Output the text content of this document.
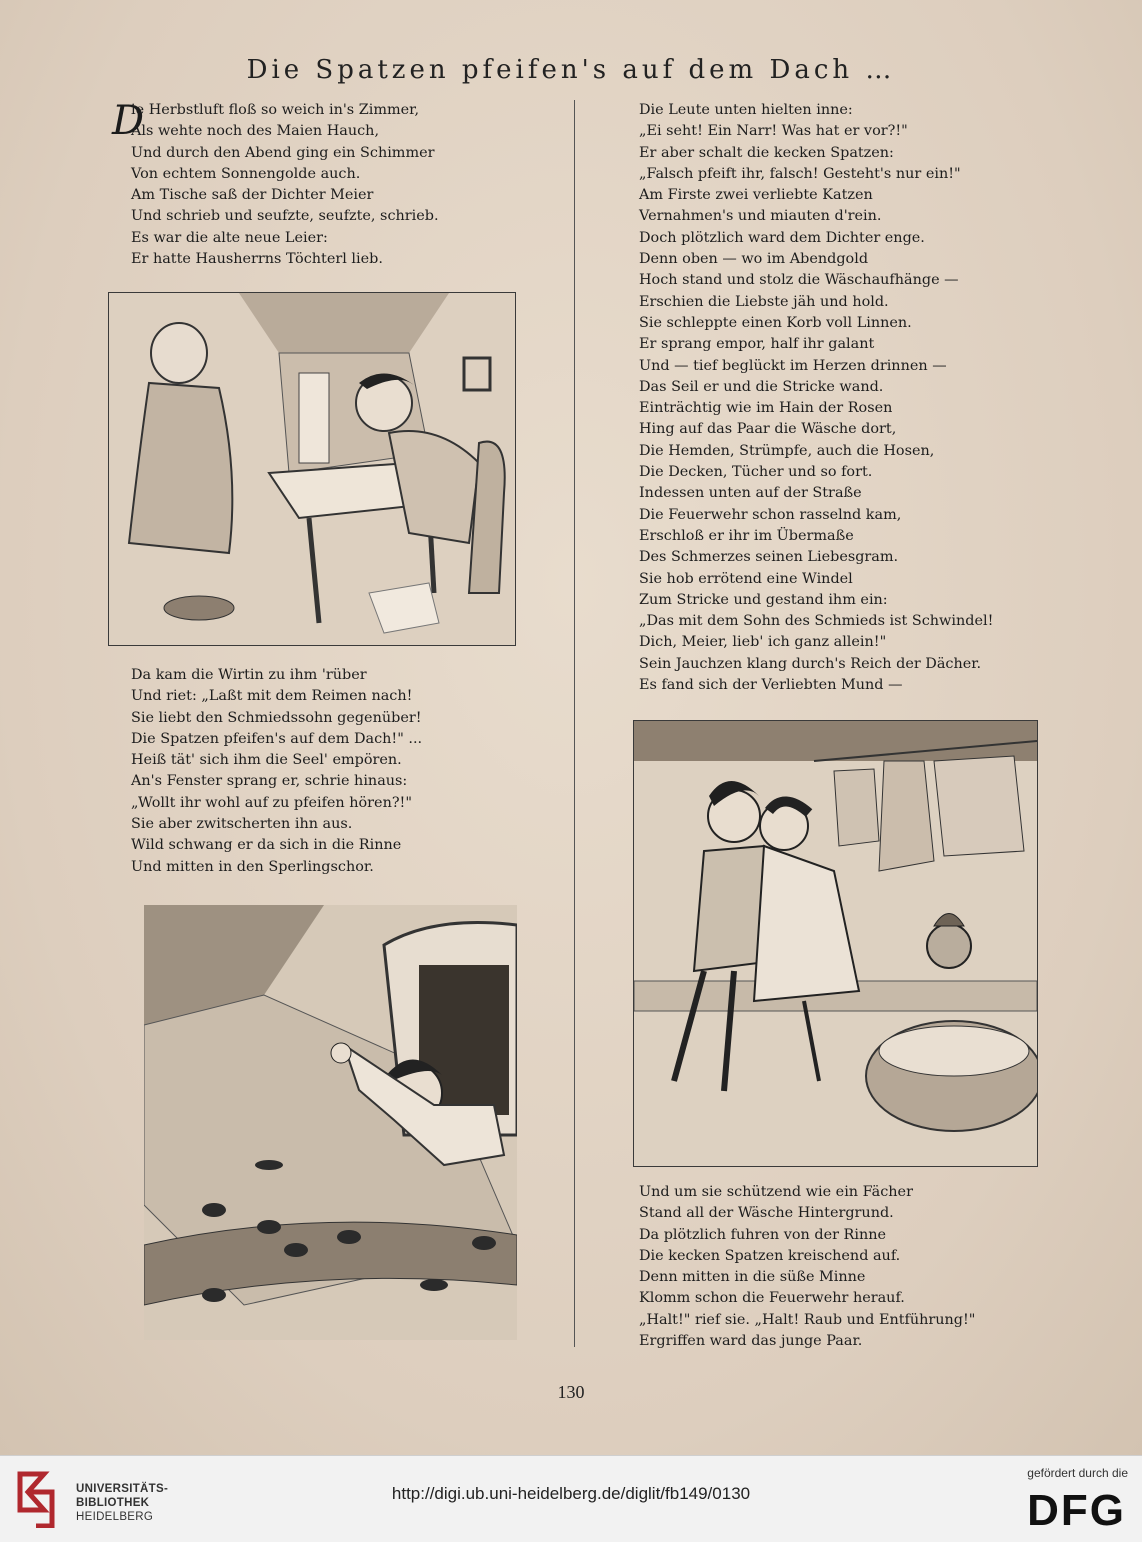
Die Spatzen pfeifen's auf dem Dach …
D
ie Herbstluft floß so weich in's Zimmer,
Als wehte noch des Maien Hauch,
Und durch den Abend ging ein Schimmer
Von echtem Sonnengolde auch.
Am Tische saß der Dichter Meier
Und schrieb und seufzte, seufzte, schrieb.
Es war die alte neue Leier:
Er hatte Hausherrns Töchterl lieb.
Da kam die Wirtin zu ihm 'rüber
Und riet: „Laßt mit dem Reimen nach!
Sie liebt den Schmiedssohn gegenüber!
Die Spatzen pfeifen's auf dem Dach!" ...
Heiß tät' sich ihm die Seel' empören.
An's Fenster sprang er, schrie hinaus:
„Wollt ihr wohl auf zu pfeifen hören?!"
Sie aber zwitscherten ihn aus.
Wild schwang er da sich in die Rinne
Und mitten in den Sperlingschor.
Die Leute unten hielten inne:
„Ei seht! Ein Narr! Was hat er vor?!"
Er aber schalt die kecken Spatzen:
„Falsch pfeift ihr, falsch! Gesteht's nur ein!"
Am Firste zwei verliebte Katzen
Vernahmen's und miauten d'rein.
Doch plötzlich ward dem Dichter enge.
Denn oben — wo im Abendgold
Hoch stand und stolz die Wäschaufhänge —
Erschien die Liebste jäh und hold.
Sie schleppte einen Korb voll Linnen.
Er sprang empor, half ihr galant
Und — tief beglückt im Herzen drinnen —
Das Seil er und die Stricke wand.
Einträchtig wie im Hain der Rosen
Hing auf das Paar die Wäsche dort,
Die Hemden, Strümpfe, auch die Hosen,
Die Decken, Tücher und so fort.
Indessen unten auf der Straße
Die Feuerwehr schon rasselnd kam,
Erschloß er ihr im Übermaße
Des Schmerzes seinen Liebesgram.
Sie hob errötend eine Windel
Zum Stricke und gestand ihm ein:
„Das mit dem Sohn des Schmieds ist Schwindel!
Dich, Meier, lieb' ich ganz allein!"
Sein Jauchzen klang durch's Reich der Dächer.
Es fand sich der Verliebten Mund —
Und um sie schützend wie ein Fächer
Stand all der Wäsche Hintergrund.
Da plötzlich fuhren von der Rinne
Die kecken Spatzen kreischend auf.
Denn mitten in die süße Minne
Klomm schon die Feuerwehr herauf.
„Halt!" rief sie. „Halt! Raub und Entführung!"
Ergriffen ward das junge Paar.
130
UNIVERSITÄTS-
BIBLIOTHEK
HEIDELBERG
http://digi.ub.uni-heidelberg.de/diglit/fb149/0130
gefördert durch die
DFG
